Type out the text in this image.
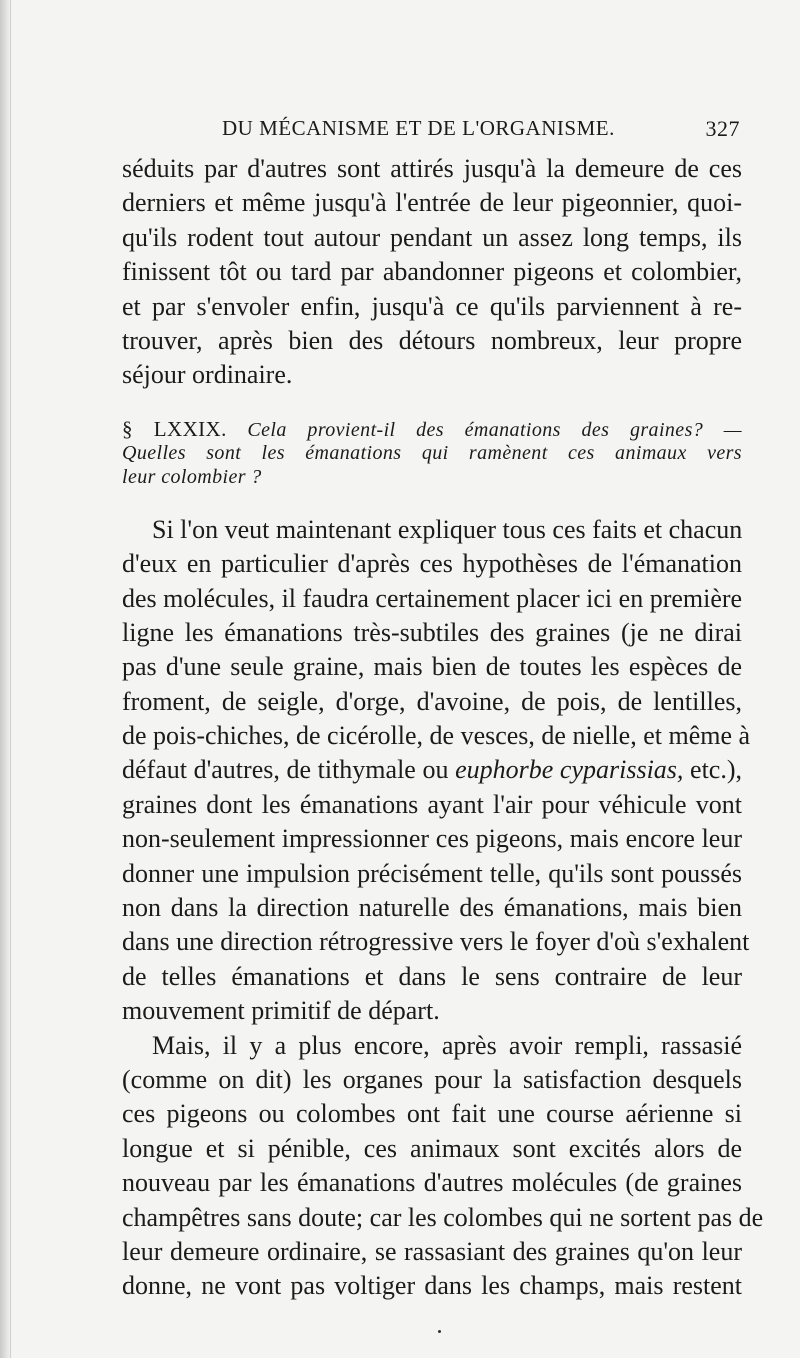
DU MÉCANISME ET DE L'ORGANISME.	327
séduits par d'autres sont attirés jusqu'à la demeure de ces
derniers et même jusqu'à l'entrée de leur pigeonnier, quoi-
qu'ils rodent tout autour pendant un assez long temps, ils
finissent tôt ou tard par abandonner pigeons et colombier,
et par s'envoler enfin, jusqu'à ce qu'ils parviennent à re-
trouver, après bien des détours nombreux, leur propre
séjour ordinaire.
§ LXXIX. Cela provient-il des émanations des graines? —
Quelles sont les émanations qui ramènent ces animaux vers
leur colombier ?
Si l'on veut maintenant expliquer tous ces faits et chacun
d'eux en particulier d'après ces hypothèses de l'émanation
des molécules, il faudra certainement placer ici en première
ligne les émanations très-subtiles des graines (je ne dirai
pas d'une seule graine, mais bien de toutes les espèces de
froment, de seigle, d'orge, d'avoine, de pois, de lentilles,
de pois-chiches, de cicérolle, de vesces, de nielle, et même à
défaut d'autres, de tithymale ou euphorbe cyparissias, etc.),
graines dont les émanations ayant l'air pour véhicule vont
non-seulement impressionner ces pigeons, mais encore leur
donner une impulsion précisément telle, qu'ils sont poussés
non dans la direction naturelle des émanations, mais bien
dans une direction rétrogressive vers le foyer d'où s'exhalent
de telles émanations et dans le sens contraire de leur
mouvement primitif de départ.
Mais, il y a plus encore, après avoir rempli, rassasié
(comme on dit) les organes pour la satisfaction desquels
ces pigeons ou colombes ont fait une course aérienne si
longue et si pénible, ces animaux sont excités alors de
nouveau par les émanations d'autres molécules (de graines
champêtres sans doute; car les colombes qui ne sortent pas de
leur demeure ordinaire, se rassasiant des graines qu'on leur
donne, ne vont pas voltiger dans les champs, mais restent
